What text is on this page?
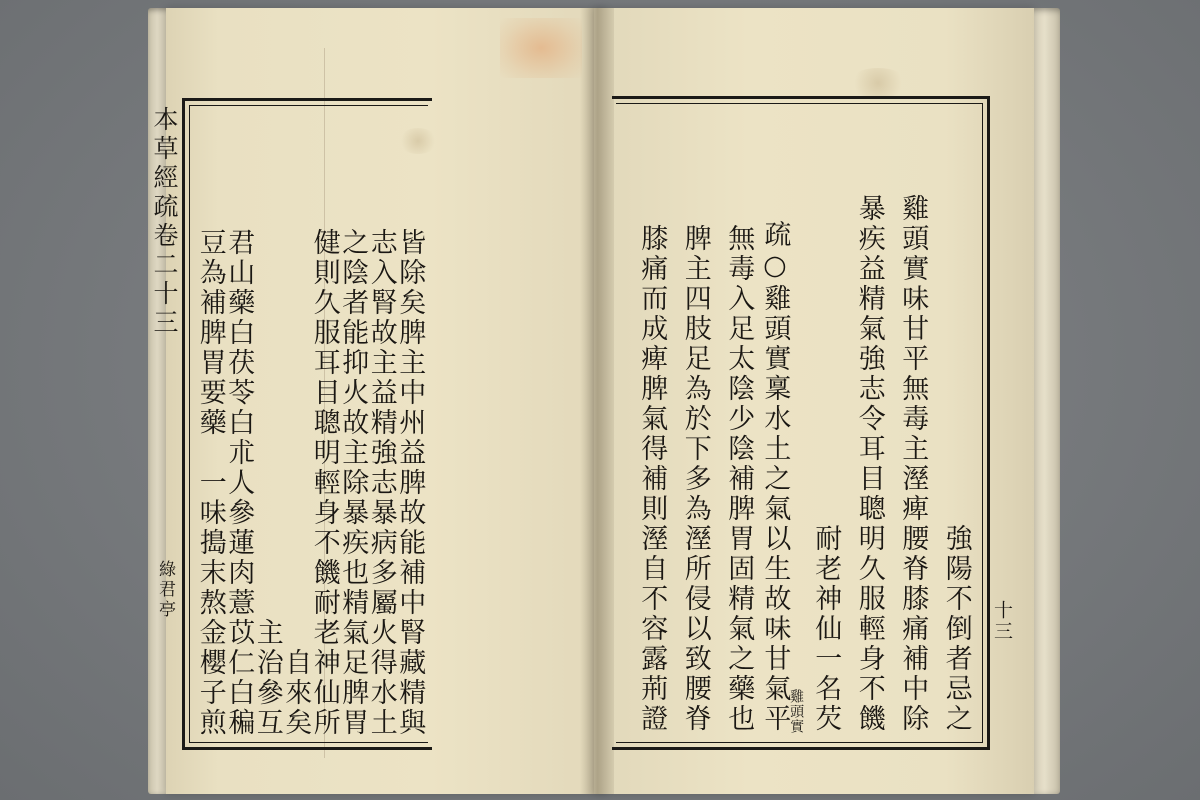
強陽不倒者忌之
雞頭實味甘平無毒主溼痺腰脊膝痛補中除
暴疾益精氣強志令耳目聰明久服輕身不饑
耐老神仙一名芡
雞頭實
疏○雞頭實稟水土之氣以生故味甘氣平
無毒入足太陰少陰補脾胃固精氣之藥也
脾主四肢足為於下多為溼所侵以致腰脊
膝痛而成痺脾氣得補則溼自不容露荊證
皆除矣脾主中州益脾故能補中腎藏精與
志入腎故主益精強志暴病多屬火得水土
之陰者能抑火故主除暴疾也精氣足脾胃
健則久服耳目聰明輕身不饑耐老神仙所
自來矣
主治參互
君山藥白茯苓白朮人參蓮肉薏苡仁白稨
豆為補脾胃要藥　一味搗末熬金櫻子煎
本草經疏卷二十三
綠君亭
十三
